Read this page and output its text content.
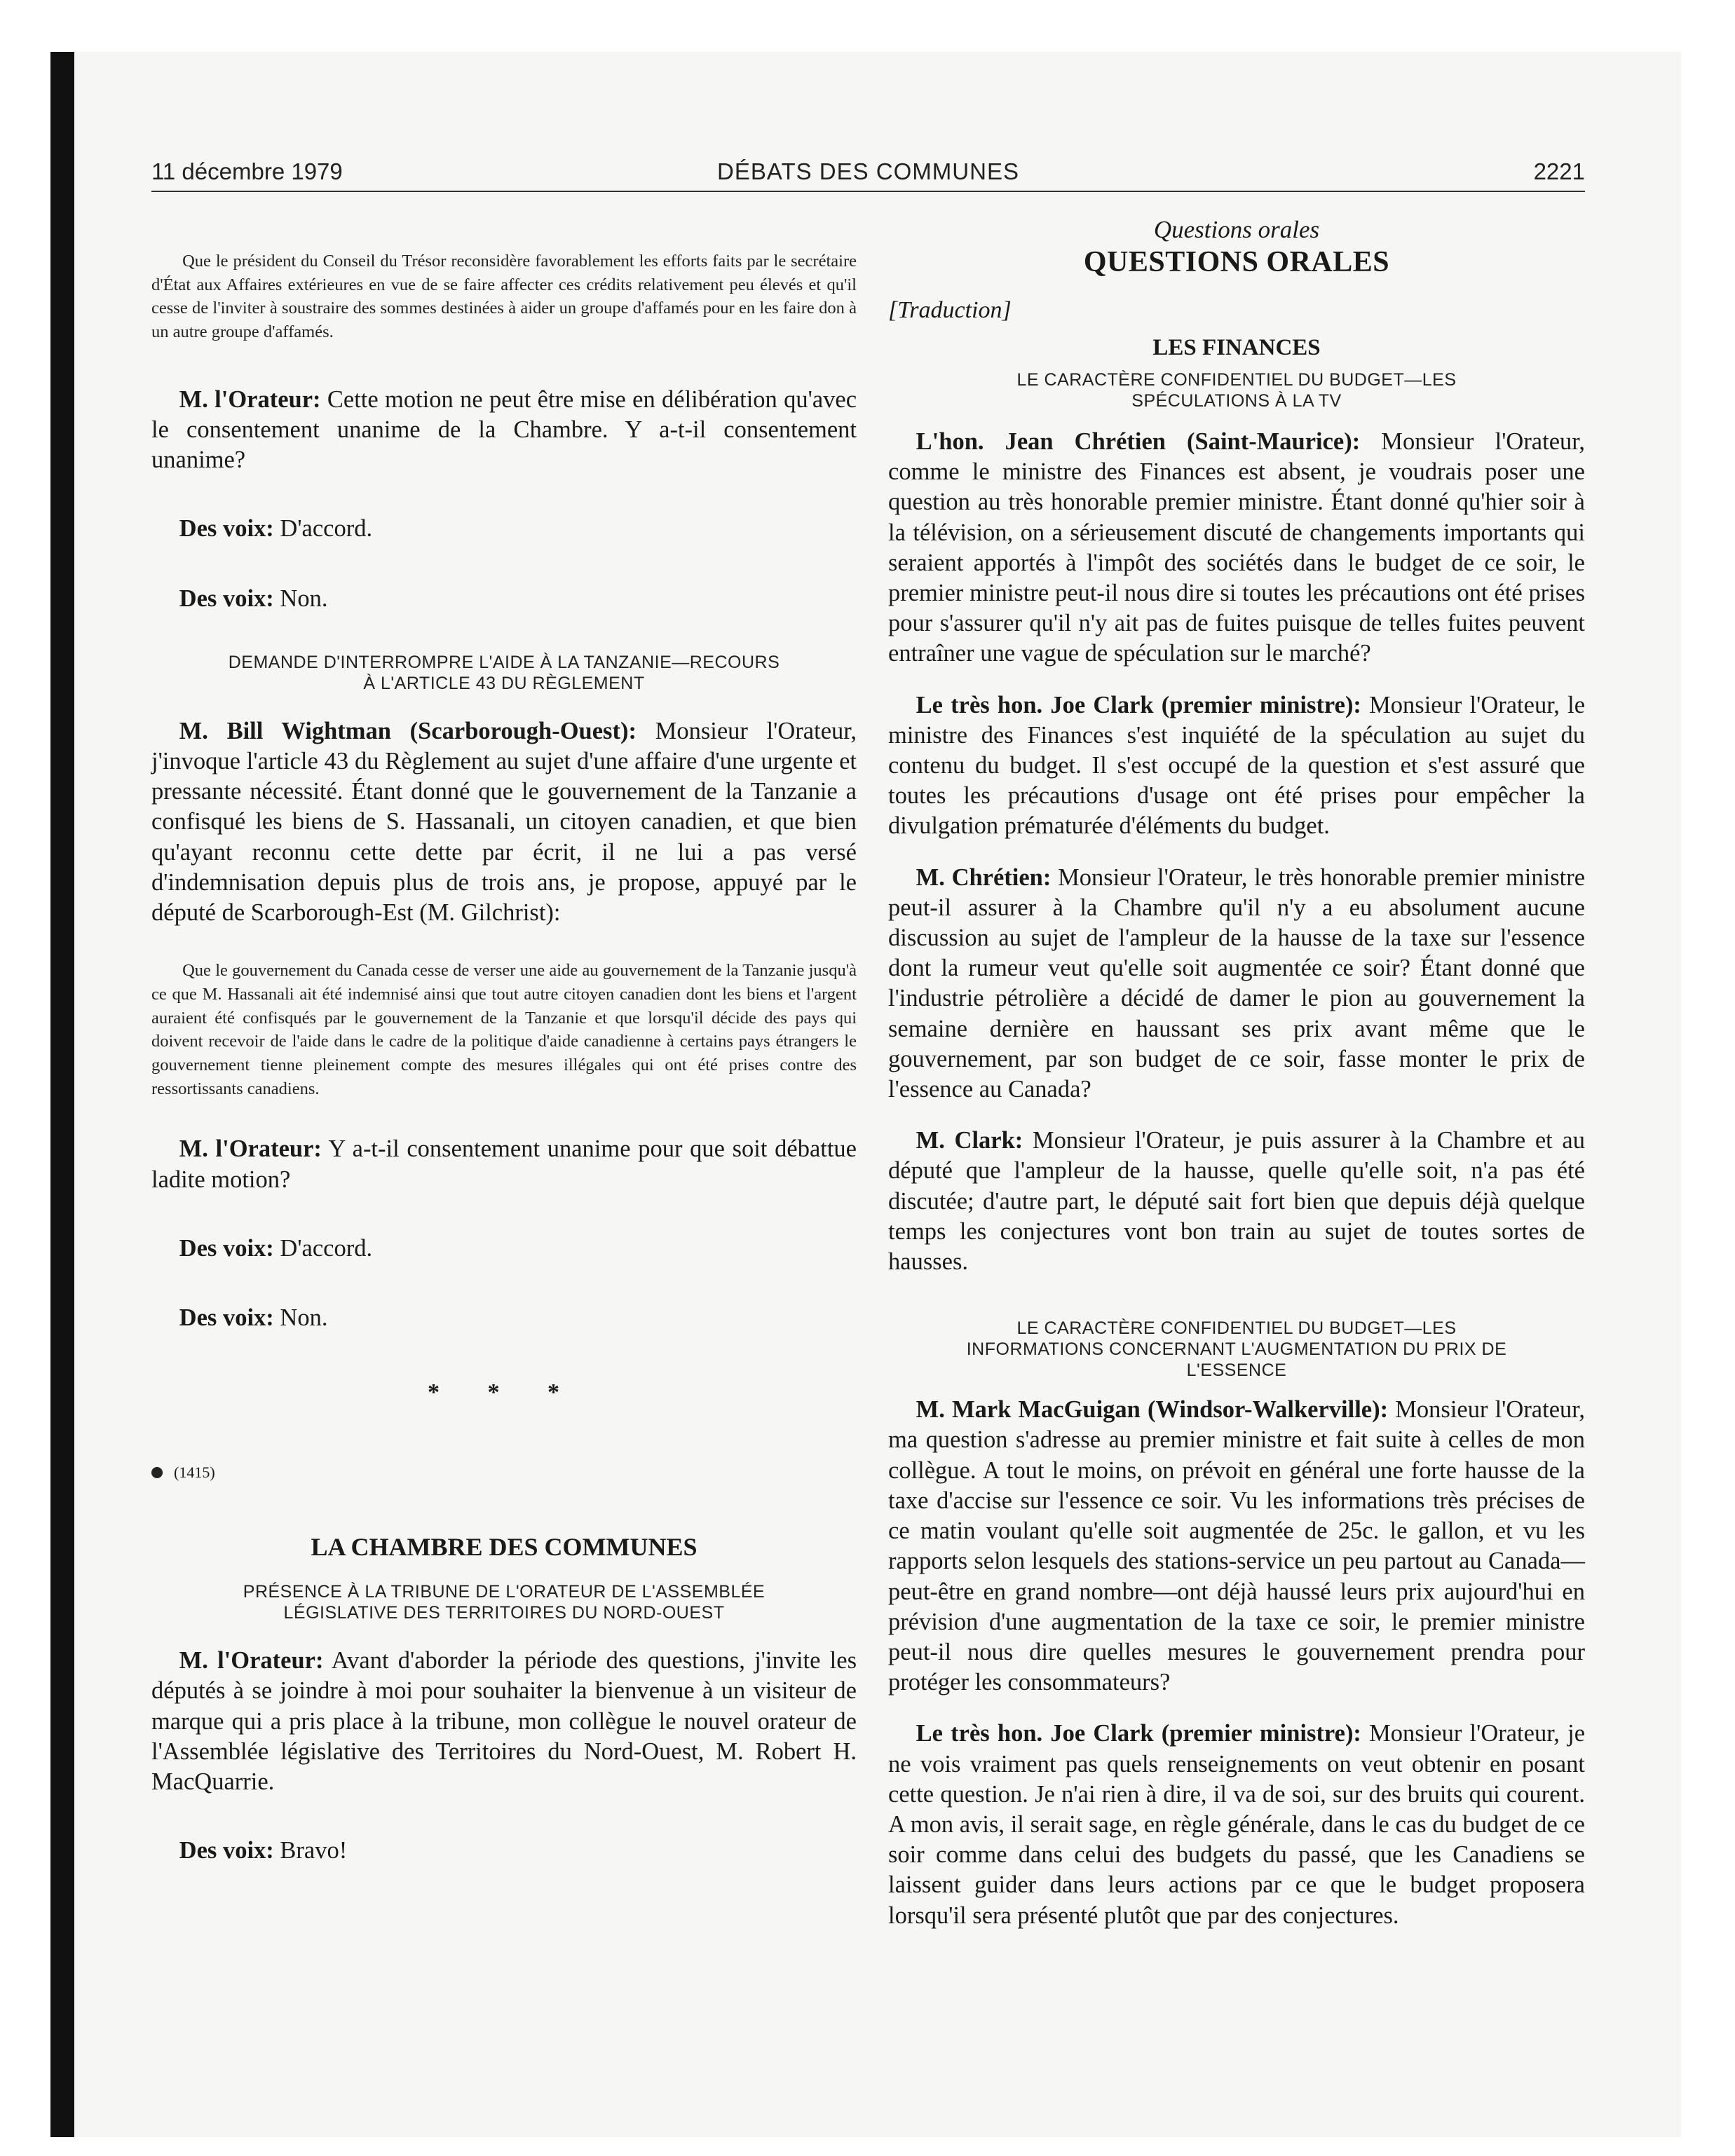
11 décembre 1979	DÉBATS DES COMMUNES	2221

Que le président du Conseil du Trésor reconsidère favorablement les efforts faits par le secrétaire d'État aux Affaires extérieures en vue de se faire affecter ces crédits relativement peu élevés et qu'il cesse de l'inviter à soustraire des sommes destinées à aider un groupe d'affamés pour en les faire don à un autre groupe d'affamés.

M. l'Orateur: Cette motion ne peut être mise en délibération qu'avec le consentement unanime de la Chambre. Y a-t-il consentement unanime?

Des voix: D'accord.

Des voix: Non.

DEMANDE D'INTERROMPRE L'AIDE À LA TANZANIE—RECOURS

À L'ARTICLE 43 DU RÈGLEMENT

M. Bill Wightman (Scarborough-Ouest): Monsieur l'Orateur, j'invoque l'article 43 du Règlement au sujet d'une affaire d'une urgente et pressante nécessité. Étant donné que le gouvernement de la Tanzanie a confisqué les biens de S. Hassanali, un citoyen canadien, et que bien qu'ayant reconnu cette dette par écrit, il ne lui a pas versé d'indemnisation depuis plus de trois ans, je propose, appuyé par le député de Scarborough-Est (M. Gilchrist):

Que le gouvernement du Canada cesse de verser une aide au gouvernement de la Tanzanie jusqu'à ce que M. Hassanali ait été indemnisé ainsi que tout autre citoyen canadien dont les biens et l'argent auraient été confisqués par le gouvernement de la Tanzanie et que lorsqu'il décide des pays qui doivent recevoir de l'aide dans le cadre de la politique d'aide canadienne à certains pays étrangers le gouvernement tienne pleinement compte des mesures illégales qui ont été prises contre des ressortissants canadiens.

M. l'Orateur: Y a-t-il consentement unanime pour que soit débattue ladite motion?

Des voix: D'accord.

Des voix: Non.

* * *

(1415)

LA CHAMBRE DES COMMUNES

PRÉSENCE À LA TRIBUNE DE L'ORATEUR DE L'ASSEMBLÉE

LÉGISLATIVE DES TERRITOIRES DU NORD-OUEST

M. l'Orateur: Avant d'aborder la période des questions, j'invite les députés à se joindre à moi pour souhaiter la bienvenue à un visiteur de marque qui a pris place à la tribune, mon collègue le nouvel orateur de l'Assemblée législative des Territoires du Nord-Ouest, M. Robert H. MacQuarrie.

Des voix: Bravo!

Questions orales

QUESTIONS ORALES

[Traduction]

LES FINANCES

LE CARACTÈRE CONFIDENTIEL DU BUDGET—LES

SPÉCULATIONS À LA TV

L'hon. Jean Chrétien (Saint-Maurice): Monsieur l'Orateur, comme le ministre des Finances est absent, je voudrais poser une question au très honorable premier ministre. Étant donné qu'hier soir à la télévision, on a sérieusement discuté de changements importants qui seraient apportés à l'impôt des sociétés dans le budget de ce soir, le premier ministre peut-il nous dire si toutes les précautions ont été prises pour s'assurer qu'il n'y ait pas de fuites puisque de telles fuites peuvent entraîner une vague de spéculation sur le marché?

Le très hon. Joe Clark (premier ministre): Monsieur l'Orateur, le ministre des Finances s'est inquiété de la spéculation au sujet du contenu du budget. Il s'est occupé de la question et s'est assuré que toutes les précautions d'usage ont été prises pour empêcher la divulgation prématurée d'éléments du budget.

M. Chrétien: Monsieur l'Orateur, le très honorable premier ministre peut-il assurer à la Chambre qu'il n'y a eu absolument aucune discussion au sujet de l'ampleur de la hausse de la taxe sur l'essence dont la rumeur veut qu'elle soit augmentée ce soir? Étant donné que l'industrie pétrolière a décidé de damer le pion au gouvernement la semaine dernière en haussant ses prix avant même que le gouvernement, par son budget de ce soir, fasse monter le prix de l'essence au Canada?

M. Clark: Monsieur l'Orateur, je puis assurer à la Chambre et au député que l'ampleur de la hausse, quelle qu'elle soit, n'a pas été discutée; d'autre part, le député sait fort bien que depuis déjà quelque temps les conjectures vont bon train au sujet de toutes sortes de hausses.

LE CARACTÈRE CONFIDENTIEL DU BUDGET—LES

INFORMATIONS CONCERNANT L'AUGMENTATION DU PRIX DE

L'ESSENCE

M. Mark MacGuigan (Windsor-Walkerville): Monsieur l'Orateur, ma question s'adresse au premier ministre et fait suite à celles de mon collègue. A tout le moins, on prévoit en général une forte hausse de la taxe d'accise sur l'essence ce soir. Vu les informations très précises de ce matin voulant qu'elle soit augmentée de 25c. le gallon, et vu les rapports selon lesquels des stations-service un peu partout au Canada—peut-être en grand nombre—ont déjà haussé leurs prix aujourd'hui en prévision d'une augmentation de la taxe ce soir, le premier ministre peut-il nous dire quelles mesures le gouvernement prendra pour protéger les consommateurs?

Le très hon. Joe Clark (premier ministre): Monsieur l'Orateur, je ne vois vraiment pas quels renseignements on veut obtenir en posant cette question. Je n'ai rien à dire, il va de soi, sur des bruits qui courent. A mon avis, il serait sage, en règle générale, dans le cas du budget de ce soir comme dans celui des budgets du passé, que les Canadiens se laissent guider dans leurs actions par ce que le budget proposera lorsqu'il sera présenté plutôt que par des conjectures.
